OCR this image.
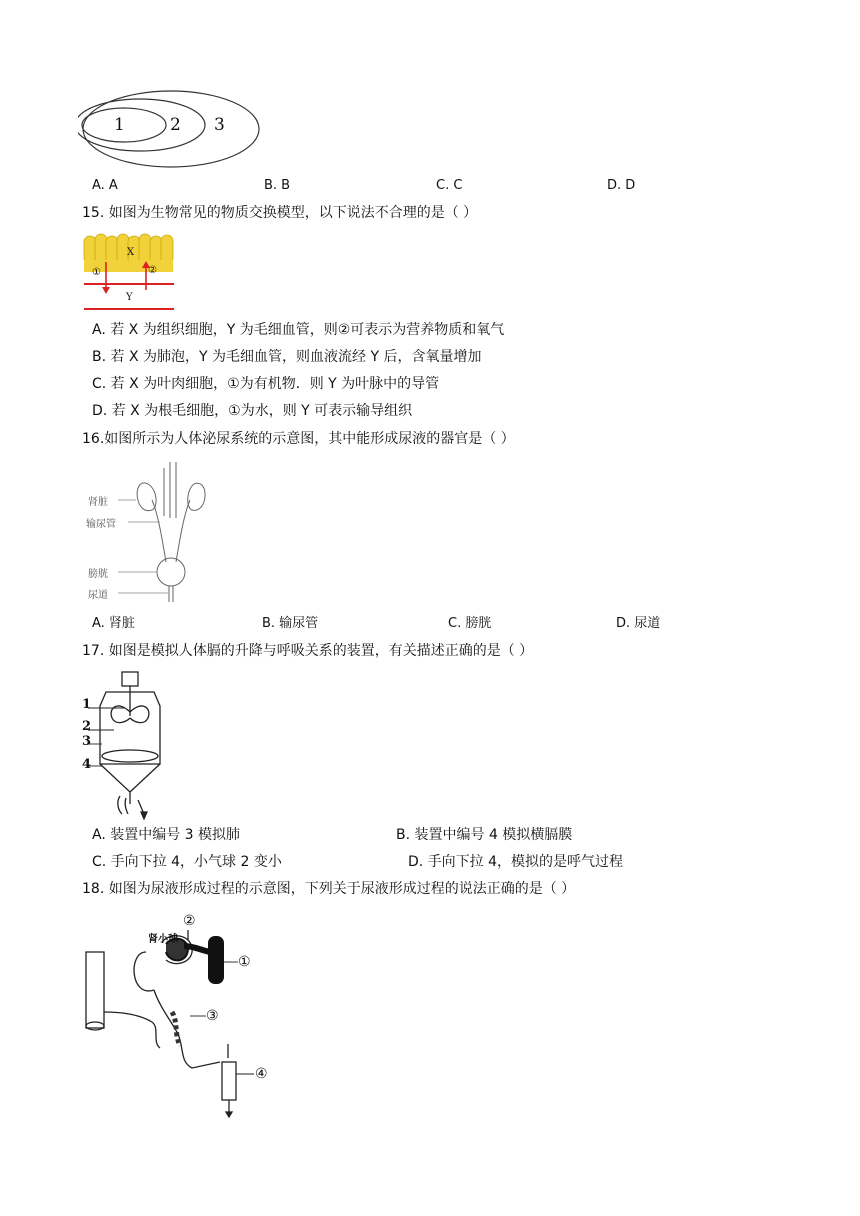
1	2 3
A. A	B. B	C. C	D. D
15. 如图为生物常见的物质交换模型，以下说法不合理的是（ ）
X
①	②
Y
A. 若 X 为组织细胞，Y 为毛细血管，则②可表示为营养物质和氧气
B. 若 X 为肺泡，Y 为毛细血管，则血液流经 Y 后，含氧量增加
C. 若 X 为叶肉细胞，①为有机物．则 Y 为叶脉中的导管
D. 若 X 为根毛细胞，①为水，则 Y 可表示输导组织
16.如图所示为人体泌尿系统的示意图，其中能形成尿液的器官是（ ）
肾脏
输尿管
膀胱
尿道
A. 肾脏	B. 输尿管	C. 膀胱	D. 尿道
17. 如图是模拟人体膈的升降与呼吸关系的装置，有关描述正确的是（ ）
1
2
3
4
A. 装置中编号 3 模拟肺	B. 装置中编号 4 模拟横膈膜
C. 手向下拉 4，小气球 2 变小	D. 手向下拉 4，模拟的是呼气过程
18. 如图为尿液形成过程的示意图，下列关于尿液形成过程的说法正确的是（ ）
肾小球
②
①
③
④
